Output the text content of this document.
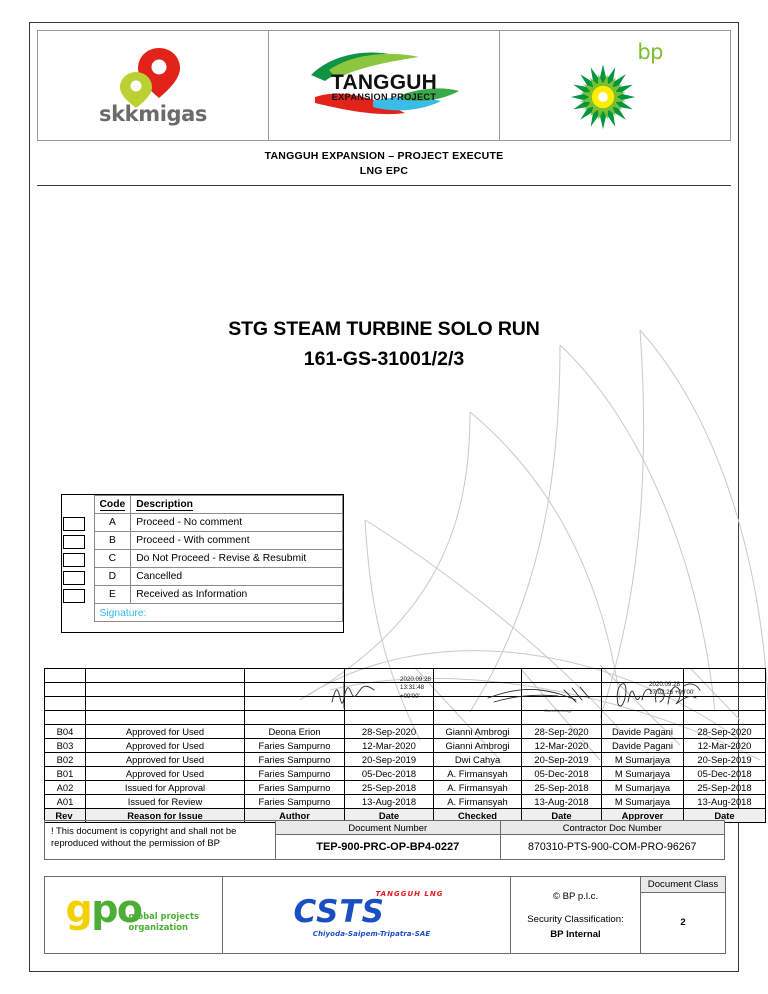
skkmigas
TANGGUH
EXPANSION PROJECT
bp
TANGGUH EXPANSION – PROJECT EXECUTE
LNG EPC
STG STEAM TURBINE SOLO RUN
161-GS-31001/2/3
	Code	Description

	A	Proceed - No comment

	B	Proceed - With comment

	C	Do Not Proceed - Revise & Resubmit

	D	Cancelled

	E	Received as Information
	Signature:	
Gianni Ambrogi
2020.09.28
13:31:48
+09'00'
2020.09.28
17:02:26 +09'00'

B04	Approved for Used	Deona Erion	28-Sep-2020	Gianni Ambrogi	28-Sep-2020	Davide Pagani	28-Sep-2020
B03	Approved for Used	Faries Sampurno	12-Mar-2020	Gianni Ambrogi	12-Mar-2020	Davide Pagani	12-Mar-2020
B02	Approved for Used	Faries Sampurno	20-Sep-2019	Dwi Cahya	20-Sep-2019	M Sumarjaya	20-Sep-2019
B01	Approved for Used	Faries Sampurno	05-Dec-2018	A. Firmansyah	05-Dec-2018	M Sumarjaya	05-Dec-2018
A02	Issued for Approval	Faries Sampurno	25-Sep-2018	A. Firmansyah	25-Sep-2018	M Sumarjaya	25-Sep-2018
A01	Issued for Review	Faries Sampurno	13-Aug-2018	A. Firmansyah	13-Aug-2018	M Sumarjaya	13-Aug-2018
Rev	Reason for Issue	Author	Date	Checked	Date	Approver	Date
! This document is copyright and shall not be reproduced without the permission of BP	Document Number	Contractor Doc Number
	TEP-900-PRC-OP-BP4-0227	870310-PTS-900-COM-PRO-96267
gpo
global projects
organization

TANGGUH LNG
CSTS
Chiyoda-Saipem-Tripatra-SAE

© BP p.l.c.
Security Classification:
BP Internal
	Document Class
2
